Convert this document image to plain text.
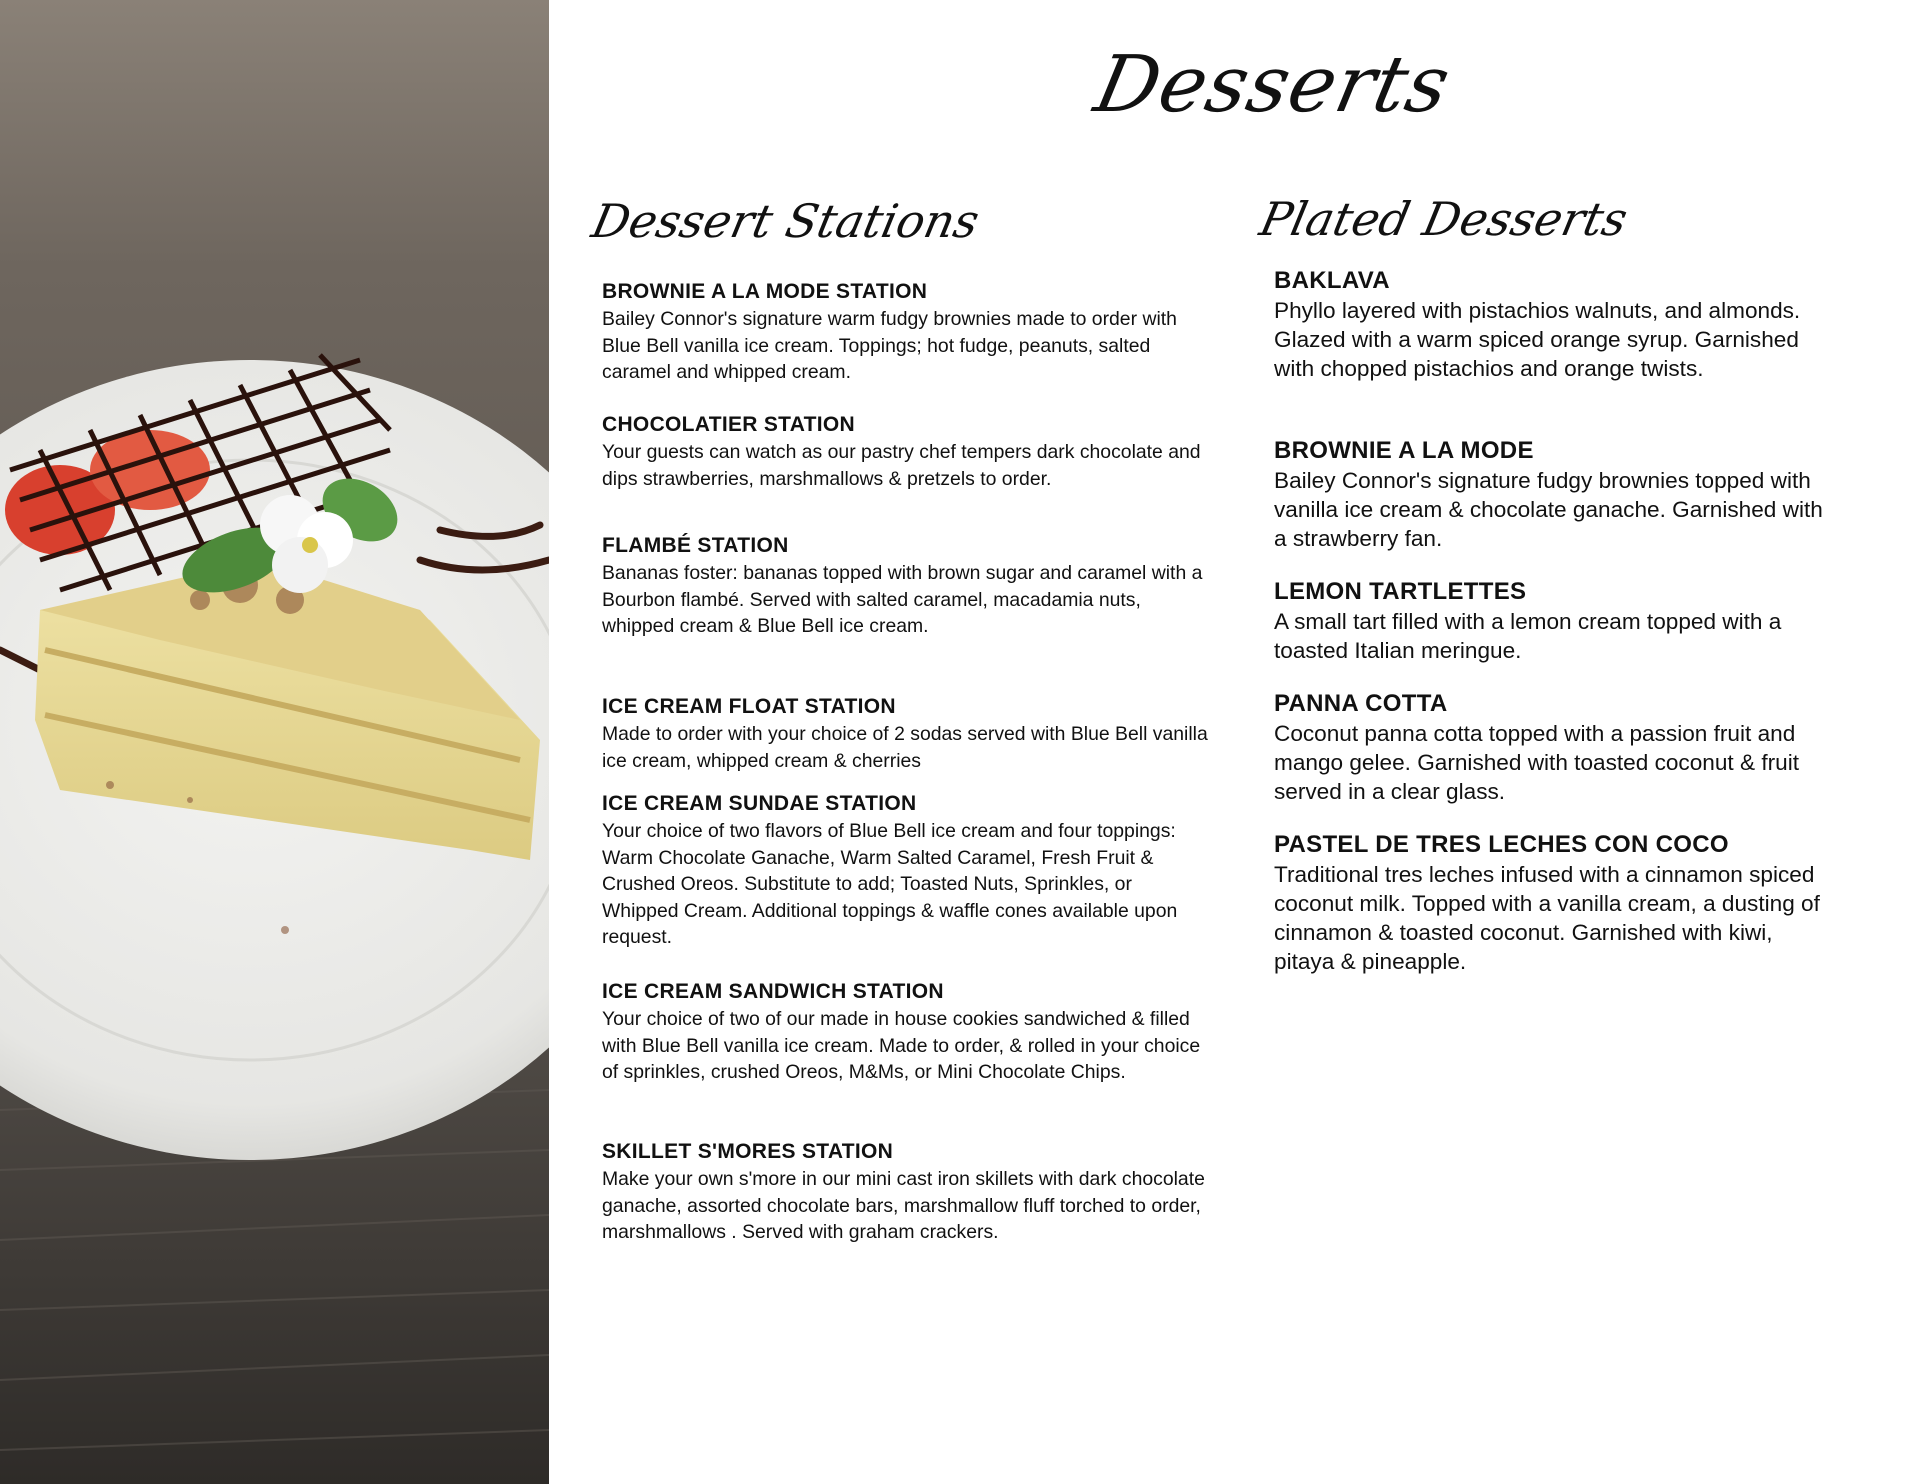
Desserts
Dessert Stations	Plated Desserts

BROWNIE A LA MODE STATION

Bailey Connor's signature warm fudgy brownies made to order with Blue Bell vanilla ice cream. Toppings; hot fudge, peanuts, salted caramel and whipped cream.

CHOCOLATIER STATION

Your guests can watch as our pastry chef tempers dark chocolate and dips strawberries, marshmallows & pretzels to order.

FLAMBÉ STATION

Bananas foster: bananas topped with brown sugar and caramel with a Bourbon flambé. Served with salted caramel, macadamia nuts, whipped cream & Blue Bell ice cream.

ICE CREAM FLOAT STATION

Made to order with your choice of 2 sodas served with Blue Bell vanilla ice cream, whipped cream & cherries

ICE CREAM SUNDAE STATION

Your choice of two flavors of Blue Bell ice cream and four toppings: Warm Chocolate Ganache, Warm Salted Caramel, Fresh Fruit & Crushed Oreos. Substitute to add; Toasted Nuts, Sprinkles, or Whipped Cream. Additional toppings & waffle cones available upon request.

ICE CREAM SANDWICH STATION

Your choice of two of our made in house cookies sandwiched & filled with Blue Bell vanilla ice cream. Made to order, & rolled in your choice of sprinkles, crushed Oreos, M&Ms, or Mini Chocolate Chips.

SKILLET S'MORES STATION

Make your own s'more in our mini cast iron skillets with dark chocolate ganache, assorted chocolate bars, marshmallow fluff torched to order, marshmallows . Served with graham crackers.

BAKLAVA

Phyllo layered with pistachios walnuts, and almonds. Glazed with a warm spiced orange syrup. Garnished with chopped pistachios and orange twists.

BROWNIE A LA MODE

Bailey Connor's signature fudgy brownies topped with vanilla ice cream & chocolate ganache. Garnished with a strawberry fan.

LEMON TARTLETTES

A small tart filled with a lemon cream topped with a toasted Italian meringue.

PANNA COTTA

Coconut panna cotta topped with a passion fruit and mango gelee. Garnished with toasted coconut & fruit served in a clear glass.

PASTEL DE TRES LECHES CON COCO

Traditional tres leches infused with a cinnamon spiced coconut milk. Topped with a vanilla cream, a dusting of cinnamon & toasted coconut. Garnished with kiwi, pitaya & pineapple.
